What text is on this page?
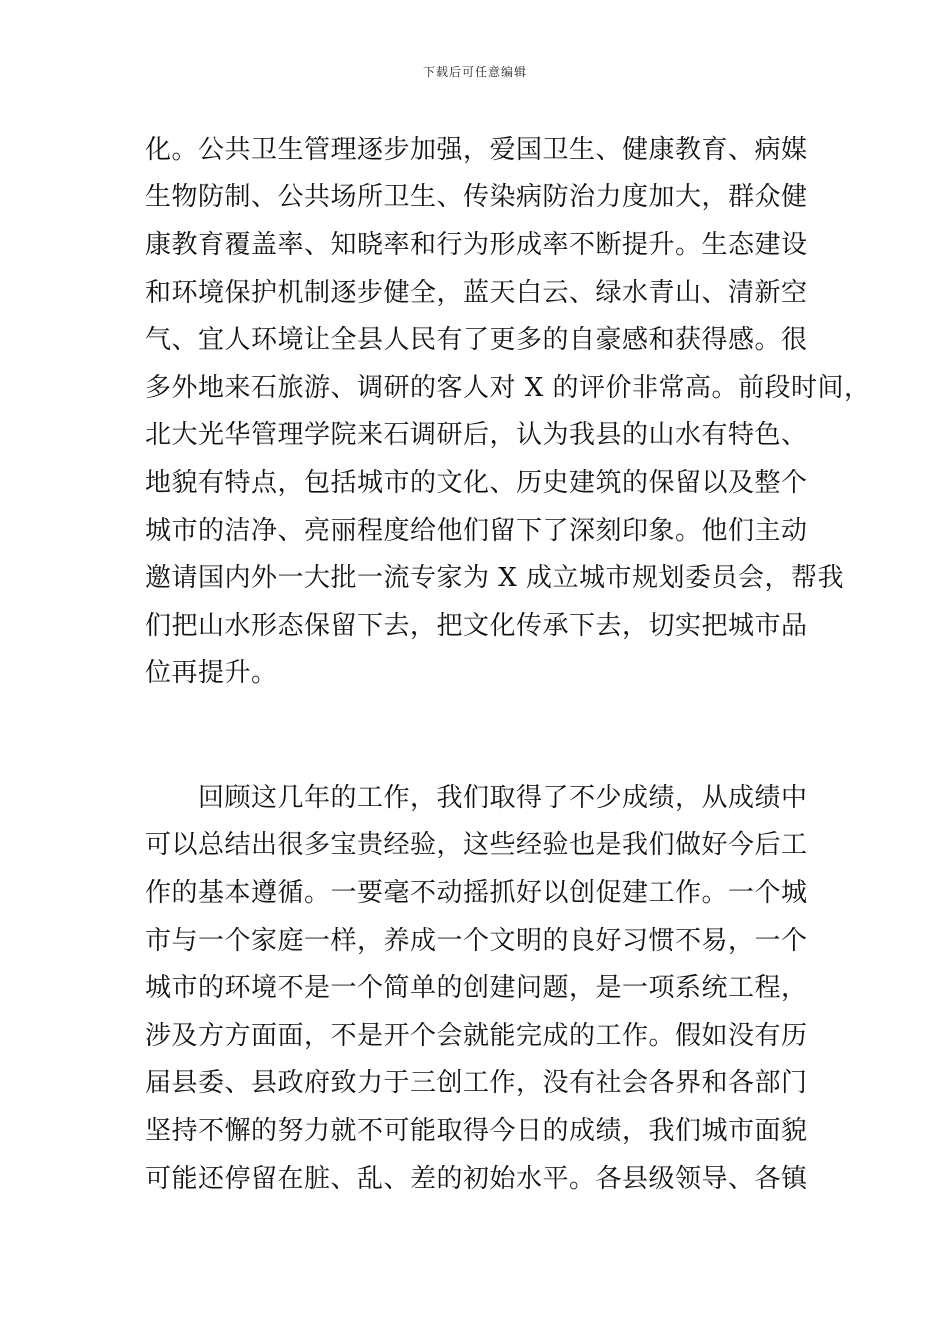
下载后可任意编辑
化。公共卫生管理逐步加强，爱国卫生、健康教育、病媒
生物防制、公共场所卫生、传染病防治力度加大，群众健
康教育覆盖率、知晓率和行为形成率不断提升。生态建设
和环境保护机制逐步健全，蓝天白云、绿水青山、清新空
气、宜人环境让全县人民有了更多的自豪感和获得感。很
多外地来石旅游、调研的客人对 X 的评价非常高。前段时间，
北大光华管理学院来石调研后，认为我县的山水有特色、
地貌有特点，包括城市的文化、历史建筑的保留以及整个
城市的洁净、亮丽程度给他们留下了深刻印象。他们主动
邀请国内外一大批一流专家为 X 成立城市规划委员会，帮我
们把山水形态保留下去，把文化传承下去，切实把城市品
位再提升。
回顾这几年的工作，我们取得了不少成绩，从成绩中
可以总结出很多宝贵经验，这些经验也是我们做好今后工
作的基本遵循。一要毫不动摇抓好以创促建工作。一个城
市与一个家庭一样，养成一个文明的良好习惯不易，一个
城市的环境不是一个简单的创建问题，是一项系统工程，
涉及方方面面，不是开个会就能完成的工作。假如没有历
届县委、县政府致力于三创工作，没有社会各界和各部门
坚持不懈的努力就不可能取得今日的成绩，我们城市面貌
可能还停留在脏、乱、差的初始水平。各县级领导、各镇
